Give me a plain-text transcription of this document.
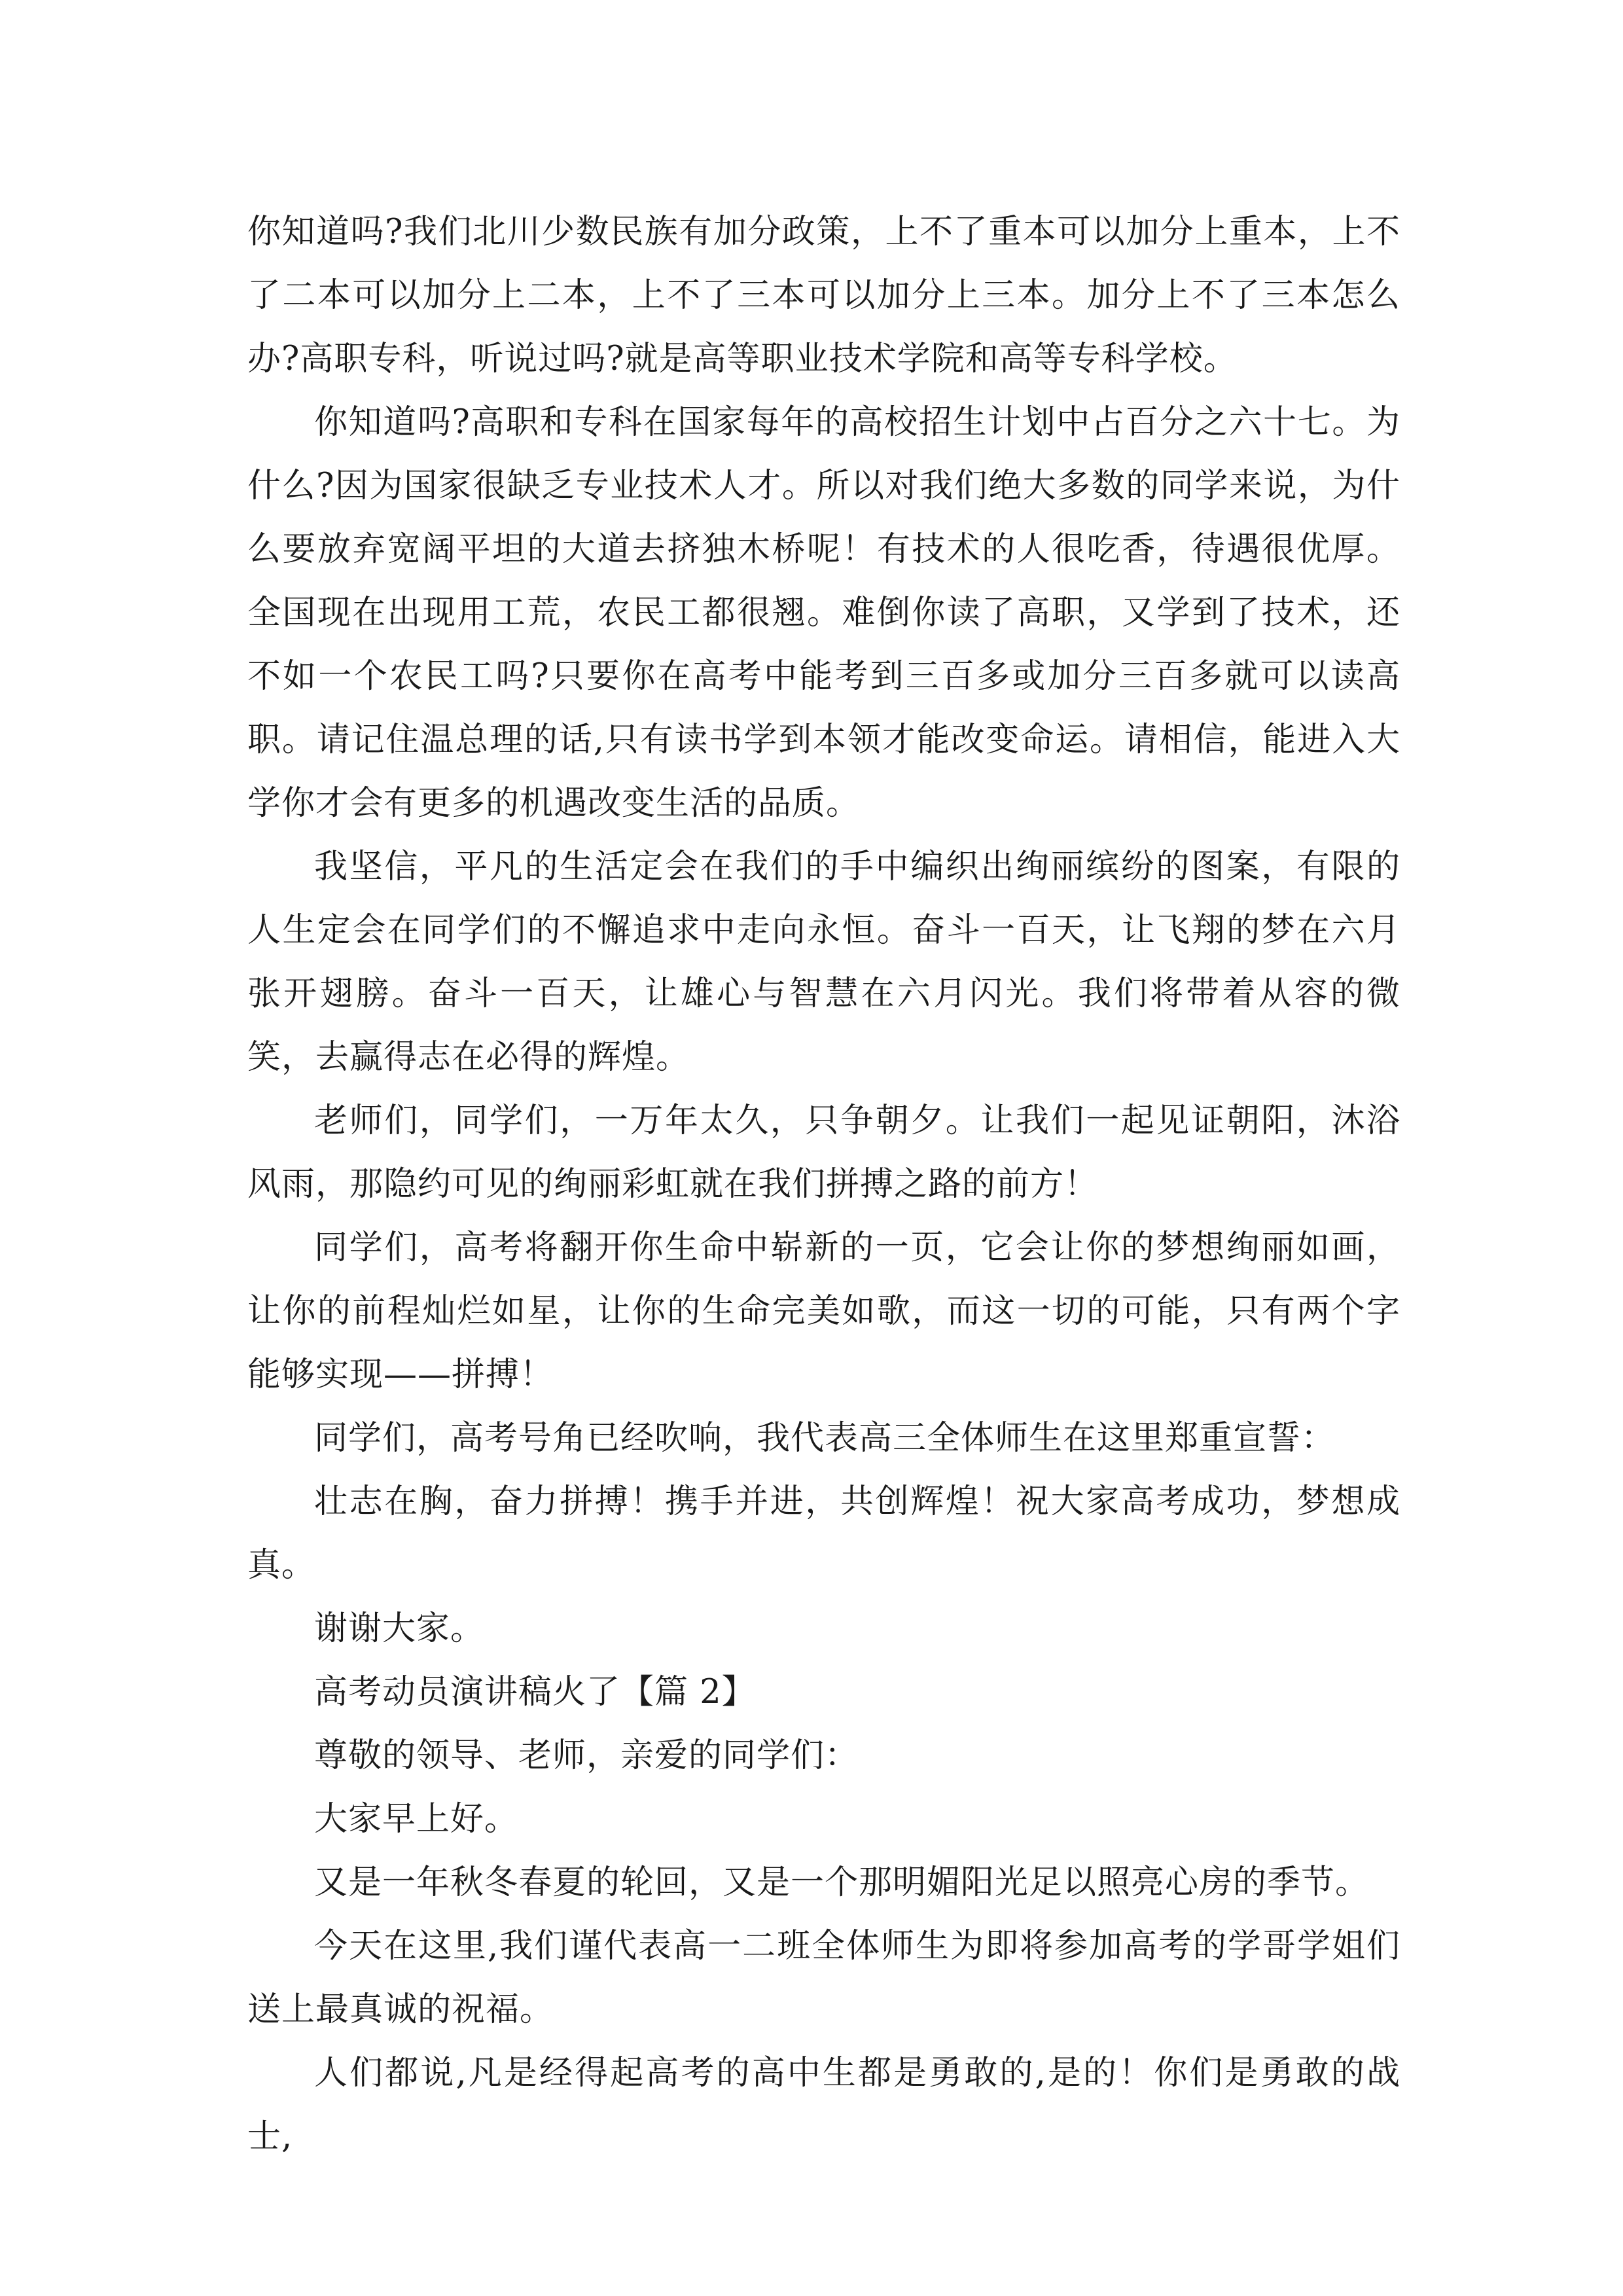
你知道吗?我们北川少数民族有加分政策，上不了重本可以加分上重本，上不了二本可以加分上二本，上不了三本可以加分上三本。加分上不了三本怎么办?高职专科，听说过吗?就是高等职业技术学院和高等专科学校。

你知道吗?高职和专科在国家每年的高校招生计划中占百分之六十七。为什么?因为国家很缺乏专业技术人才。所以对我们绝大多数的同学来说，为什么要放弃宽阔平坦的大道去挤独木桥呢！有技术的人很吃香，待遇很优厚。全国现在出现用工荒，农民工都很翘。难倒你读了高职，又学到了技术，还不如一个农民工吗?只要你在高考中能考到三百多或加分三百多就可以读高职。请记住温总理的话,只有读书学到本领才能改变命运。请相信，能进入大学你才会有更多的机遇改变生活的品质。

我坚信，平凡的生活定会在我们的手中编织出绚丽缤纷的图案，有限的人生定会在同学们的不懈追求中走向永恒。奋斗一百天，让飞翔的梦在六月张开翅膀。奋斗一百天，让雄心与智慧在六月闪光。我们将带着从容的微笑，去赢得志在必得的辉煌。

老师们，同学们，一万年太久，只争朝夕。让我们一起见证朝阳，沐浴风雨，那隐约可见的绚丽彩虹就在我们拼搏之路的前方！

同学们，高考将翻开你生命中崭新的一页，它会让你的梦想绚丽如画，让你的前程灿烂如星，让你的生命完美如歌，而这一切的可能，只有两个字能够实现——拼搏！

同学们，高考号角已经吹响，我代表高三全体师生在这里郑重宣誓：

壮志在胸，奋力拼搏！携手并进，共创辉煌！祝大家高考成功，梦想成真。

谢谢大家。

高考动员演讲稿火了【篇 2】

尊敬的领导、老师，亲爱的同学们：

大家早上好。

又是一年秋冬春夏的轮回，又是一个那明媚阳光足以照亮心房的季节。

今天在这里,我们谨代表高一二班全体师生为即将参加高考的学哥学姐们送上最真诚的祝福。

人们都说,凡是经得起高考的高中生都是勇敢的,是的！你们是勇敢的战士,
